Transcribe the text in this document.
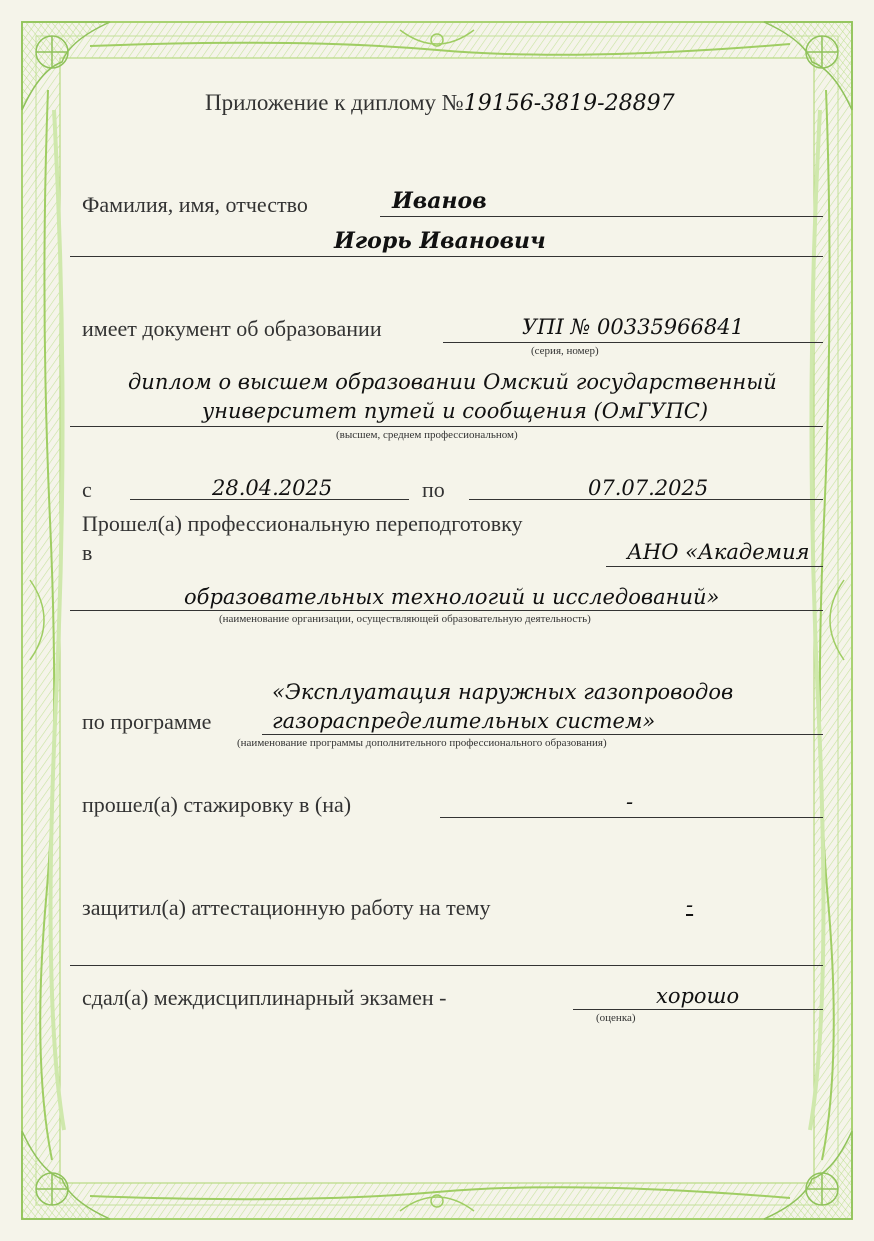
Приложение к диплому №19156-3819-28897
Фамилия, имя, отчество	Иванов
Игорь Иванович
имеет документ об образовании	УПI № 00335966841
(серия, номер)
диплом о высшем образовании Омский государственный
университет путей и сообщения (ОмГУПС)
(высшем, среднем профессиональном)
с	28.04.2025	по	07.07.2025
Прошел(а) профессиональную переподготовку
в	АНО «Академия
образовательных технологий и исследований»
(наименование организации, осуществляющей образовательную деятельность)
«Эксплуатация наружных газопроводов
по программе	газораспределительных систем»
(наименование программы дополнительного профессионального образования)
прошел(а) стажировку в (на)	-
защитил(а) аттестационную работу на тему	-
сдал(а) междисциплинарный экзамен -	хорошо
(оценка)
